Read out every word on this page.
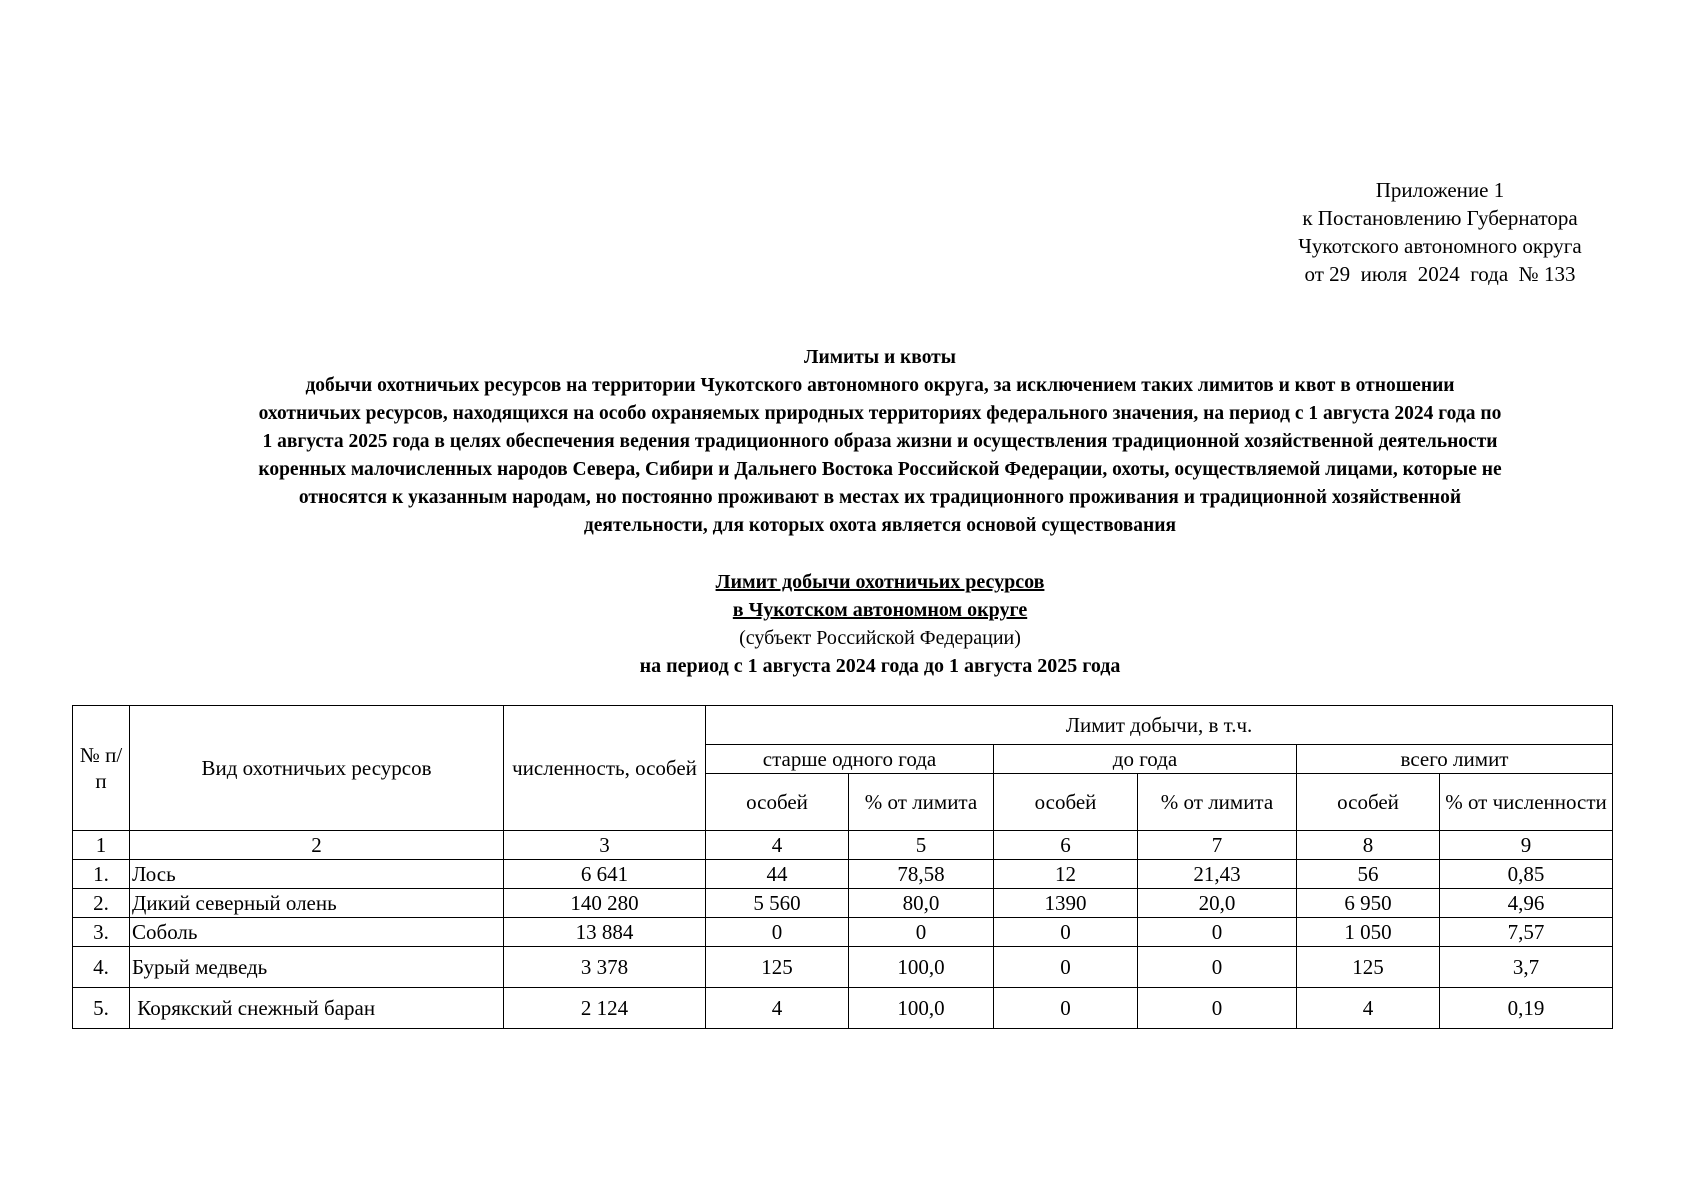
Приложение 1
к Постановлению Губернатора
Чукотского автономного округа
от 29  июля  2024  года  № 133
Лимиты и квоты
добычи охотничьих ресурсов на территории Чукотского автономного округа, за исключением таких лимитов и квот в отношении
охотничьих ресурсов, находящихся на особо охраняемых природных территориях федерального значения, на период с 1 августа 2024 года по
1 августа 2025 года в целях обеспечения ведения традиционного образа жизни и осуществления традиционной хозяйственной деятельности
коренных малочисленных народов Севера, Сибири и Дальнего Востока Российской Федерации, охоты, осуществляемой лицами, которые не
относятся к указанным народам, но постоянно проживают в местах их традиционного проживания и традиционной хозяйственной
деятельности, для которых охота является основой существования
Лимит добычи охотничьих ресурсов
в Чукотском автономном округе
(субъект Российской Федерации)
на период с 1 августа 2024 года до 1 августа 2025 года
№ п/п	Вид охотничьих ресурсов	численность, особей	Лимит добычи, в т.ч.					
			старше одного года		до года		всего лимит	
			особей	% от лимита	особей	% от лимита	особей	% от численности
1	2	3	4	5	6	7	8	9
1.	Лось	6 641	44	78,58	12	21,43	56	0,85
2.	Дикий северный олень	140 280	5 560	80,0	1390	20,0	6 950	4,96
3.	Соболь	13 884	0	0	0	0	1 050	7,57
4.	Бурый медведь	3 378	125	100,0	0	0	125	3,7
5.	Корякский снежный баран	2 124	4	100,0	0	0	4	0,19
